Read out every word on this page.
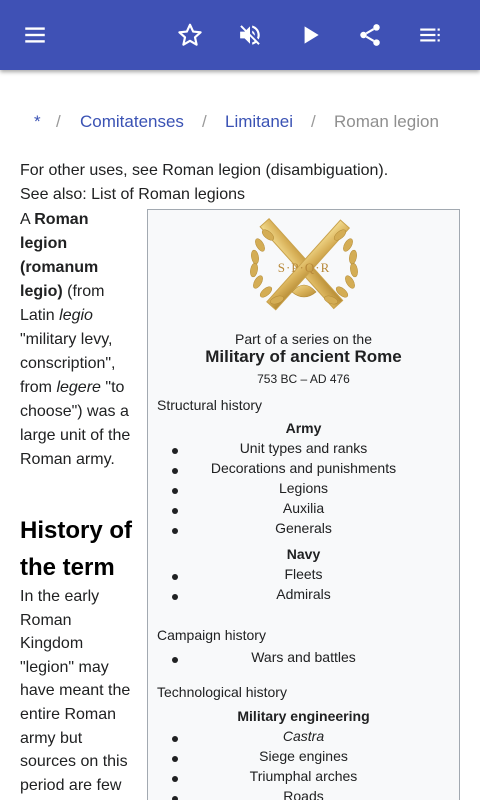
* / Comitatenses / Limitanei / Roman legion
For other uses, see Roman legion (disambiguation).
See also: List of Roman legions
A Roman legion (romanum legio) (from Latin legio "military levy, conscription", from legere "to choose") was a large unit of the Roman army.
History of the term
In the early Roman Kingdom "legion" may have meant the entire Roman army but sources on this period are few
S·P·Q·R
Part of a series on the
Military of ancient Rome
753 BC – AD 476
Structural history
Army
Unit types and ranks
Decorations and punishments
Legions
Auxilia
Generals
Navy
Fleets
Admirals
Campaign history
Wars and battles
Technological history
Military engineering
Castra
Siege engines
Triumphal arches
Roads
